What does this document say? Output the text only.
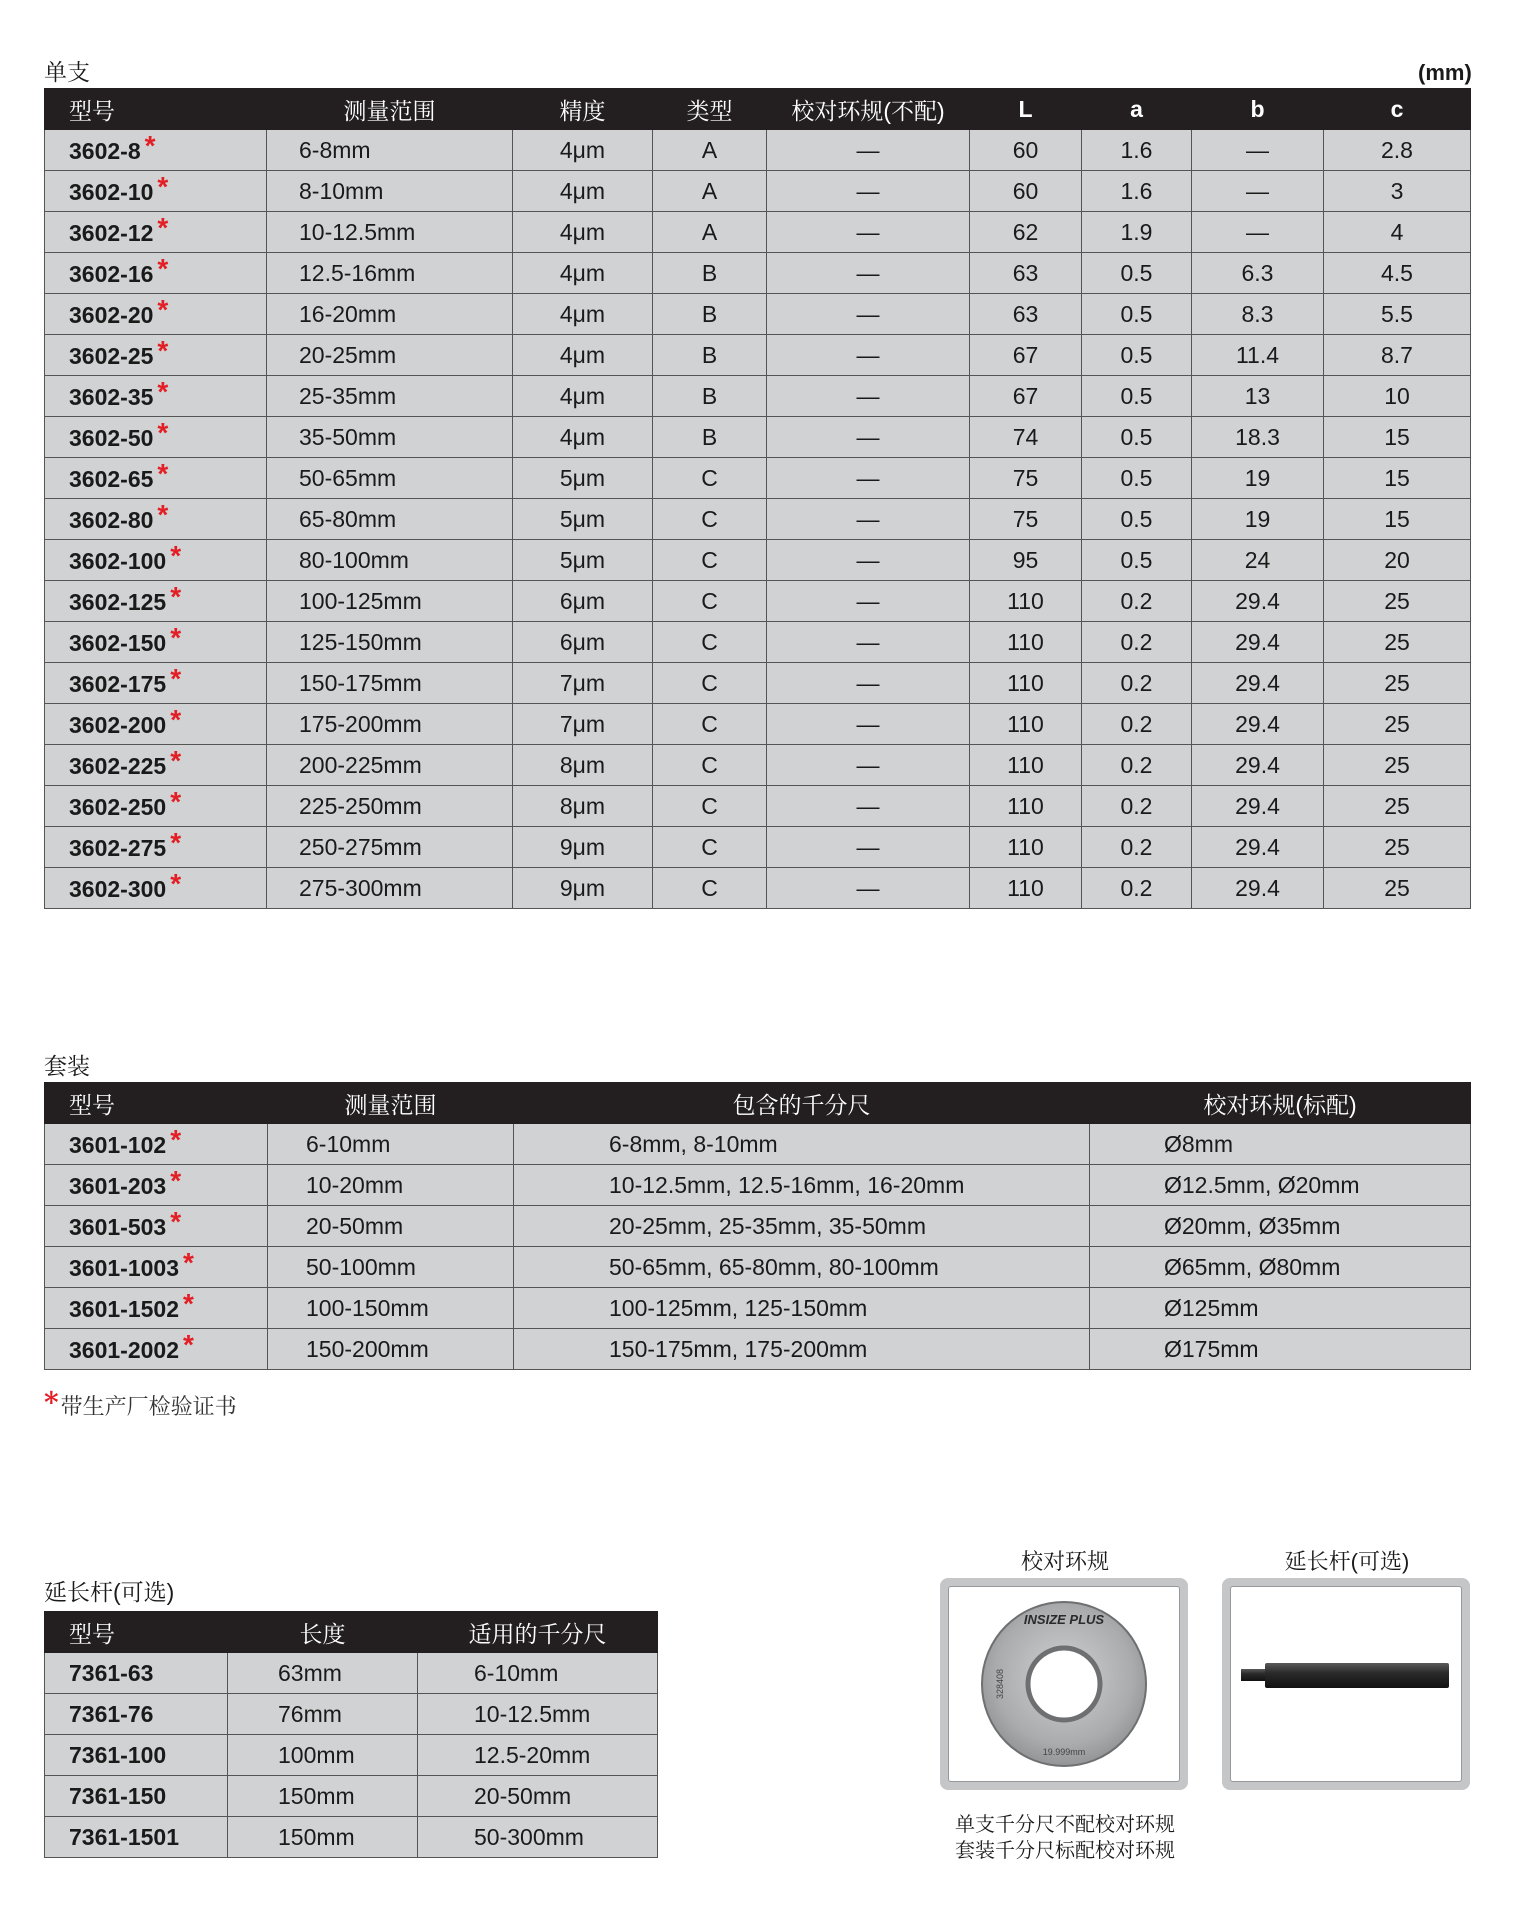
单支	(mm)
型号	测量范围	精度	类型	校对环规(不配)	L	a	b	c
3602-8 *	6-8mm	4μm	A	—	60	1.6	—	2.8
3602-10 *	8-10mm	4μm	A	—	60	1.6	—	3
3602-12 *	10-12.5mm	4μm	A	—	62	1.9	—	4
3602-16 *	12.5-16mm	4μm	B	—	63	0.5	6.3	4.5
3602-20 *	16-20mm	4μm	B	—	63	0.5	8.3	5.5
3602-25 *	20-25mm	4μm	B	—	67	0.5	11.4	8.7
3602-35 *	25-35mm	4μm	B	—	67	0.5	13	10
3602-50 *	35-50mm	4μm	B	—	74	0.5	18.3	15
3602-65 *	50-65mm	5μm	C	—	75	0.5	19	15
3602-80 *	65-80mm	5μm	C	—	75	0.5	19	15
3602-100 *	80-100mm	5μm	C	—	95	0.5	24	20
3602-125 *	100-125mm	6μm	C	—	110	0.2	29.4	25
3602-150 *	125-150mm	6μm	C	—	110	0.2	29.4	25
3602-175 *	150-175mm	7μm	C	—	110	0.2	29.4	25
3602-200 *	175-200mm	7μm	C	—	110	0.2	29.4	25
3602-225 *	200-225mm	8μm	C	—	110	0.2	29.4	25
3602-250 *	225-250mm	8μm	C	—	110	0.2	29.4	25
3602-275 *	250-275mm	9μm	C	—	110	0.2	29.4	25
3602-300 *	275-300mm	9μm	C	—	110	0.2	29.4	25
套装
型号	测量范围	包含的千分尺	校对环规(标配)
3601-102 *	6-10mm	6-8mm, 8-10mm	Ø8mm
3601-203 *	10-20mm	10-12.5mm, 12.5-16mm, 16-20mm	Ø12.5mm, Ø20mm
3601-503 *	20-50mm	20-25mm, 25-35mm, 35-50mm	Ø20mm, Ø35mm
3601-1003 *	50-100mm	50-65mm, 65-80mm, 80-100mm	Ø65mm, Ø80mm
3601-1502 *	100-150mm	100-125mm, 125-150mm	Ø125mm
3601-2002 *	150-200mm	150-175mm, 175-200mm	Ø175mm
*带生产厂检验证书
延长杆(可选)
型号	长度	适用的千分尺
7361-63	63mm	6-10mm
7361-76	76mm	10-12.5mm
7361-100	100mm	12.5-20mm
7361-150	150mm	20-50mm
7361-1501	150mm	50-300mm
校对环规	延长杆(可选)
INSIZE PLUS
328408
19.999mm
单支千分尺不配校对环规
套装千分尺标配校对环规
